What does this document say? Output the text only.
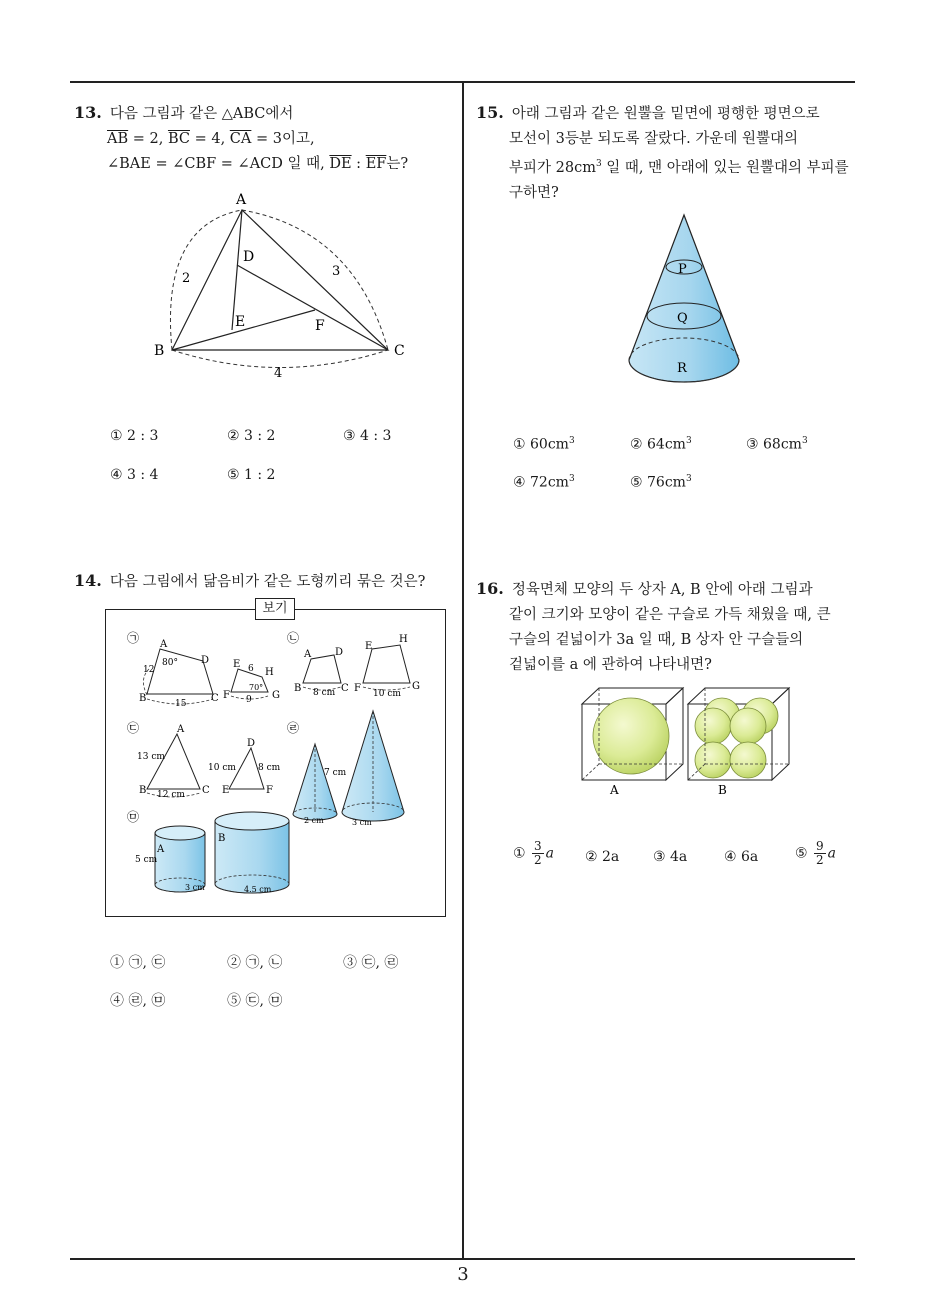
13. 다음 그림과 같은 △ABC에서
$\overline{AB} = 2$, $\overline{BC} = 4$, $\overline{CA} = 3$이고,
∠BAE = ∠CBF = ∠ACD 일 때, $\overline{DE}$ : $\overline{EF}$는?
A
B	C
D
E	F
2	3
4
① 2 : 3	② 3 : 2	③ 4 : 3
④ 3 : 4	⑤ 1 : 2
14. 다음 그림에서 닮음비가 같은 도형끼리 묶은 것은?
보기
㉠ A
B	C
D
12
80°
15
E
F	G
H
6
70°
9
㉡
A
B	C
D
8 cm
E
F	G
H
10 cm
㉢	A
B	C
13 cm
12 cm
D
E	F
10 cm 8 cm
㉣
7 cm
2 cm	3 cm
㉤
A
5 cm
3 cm
B
4.5 cm
① ㉠, ㉢	② ㉠, ㉡	③ ㉢, ㉣
④ ㉣, ㉤	⑤ ㉢, ㉤
15. 아래 그림과 같은 원뿔을 밑면에 평행한 평면으로
모선이 3등분 되도록 잘랐다. 가운데 원뿔대의
부피가 $28cm^3$ 일 때, 맨 아래에 있는 원뿔대의 부피를
구하면?
P
Q
R
① $60cm^3$	② $64cm^3$	③ $68cm^3$
④ $72cm^3$	⑤ $76cm^3$
16. 정육면체 모양의 두 상자 A, B 안에 아래 그림과
같이 크기와 모양이 같은 구슬로 가득 채웠을 때, 큰
구슬의 겉넓이가 3a 일 때, B 상자 안 구슬들의
겉넓이를 a 에 관하여 나타내면?
A	B
① $\frac{3}{2}$ a ② 2a ③ 4a	④ 6a	⑤ $\frac{9}{2}$ a
3
